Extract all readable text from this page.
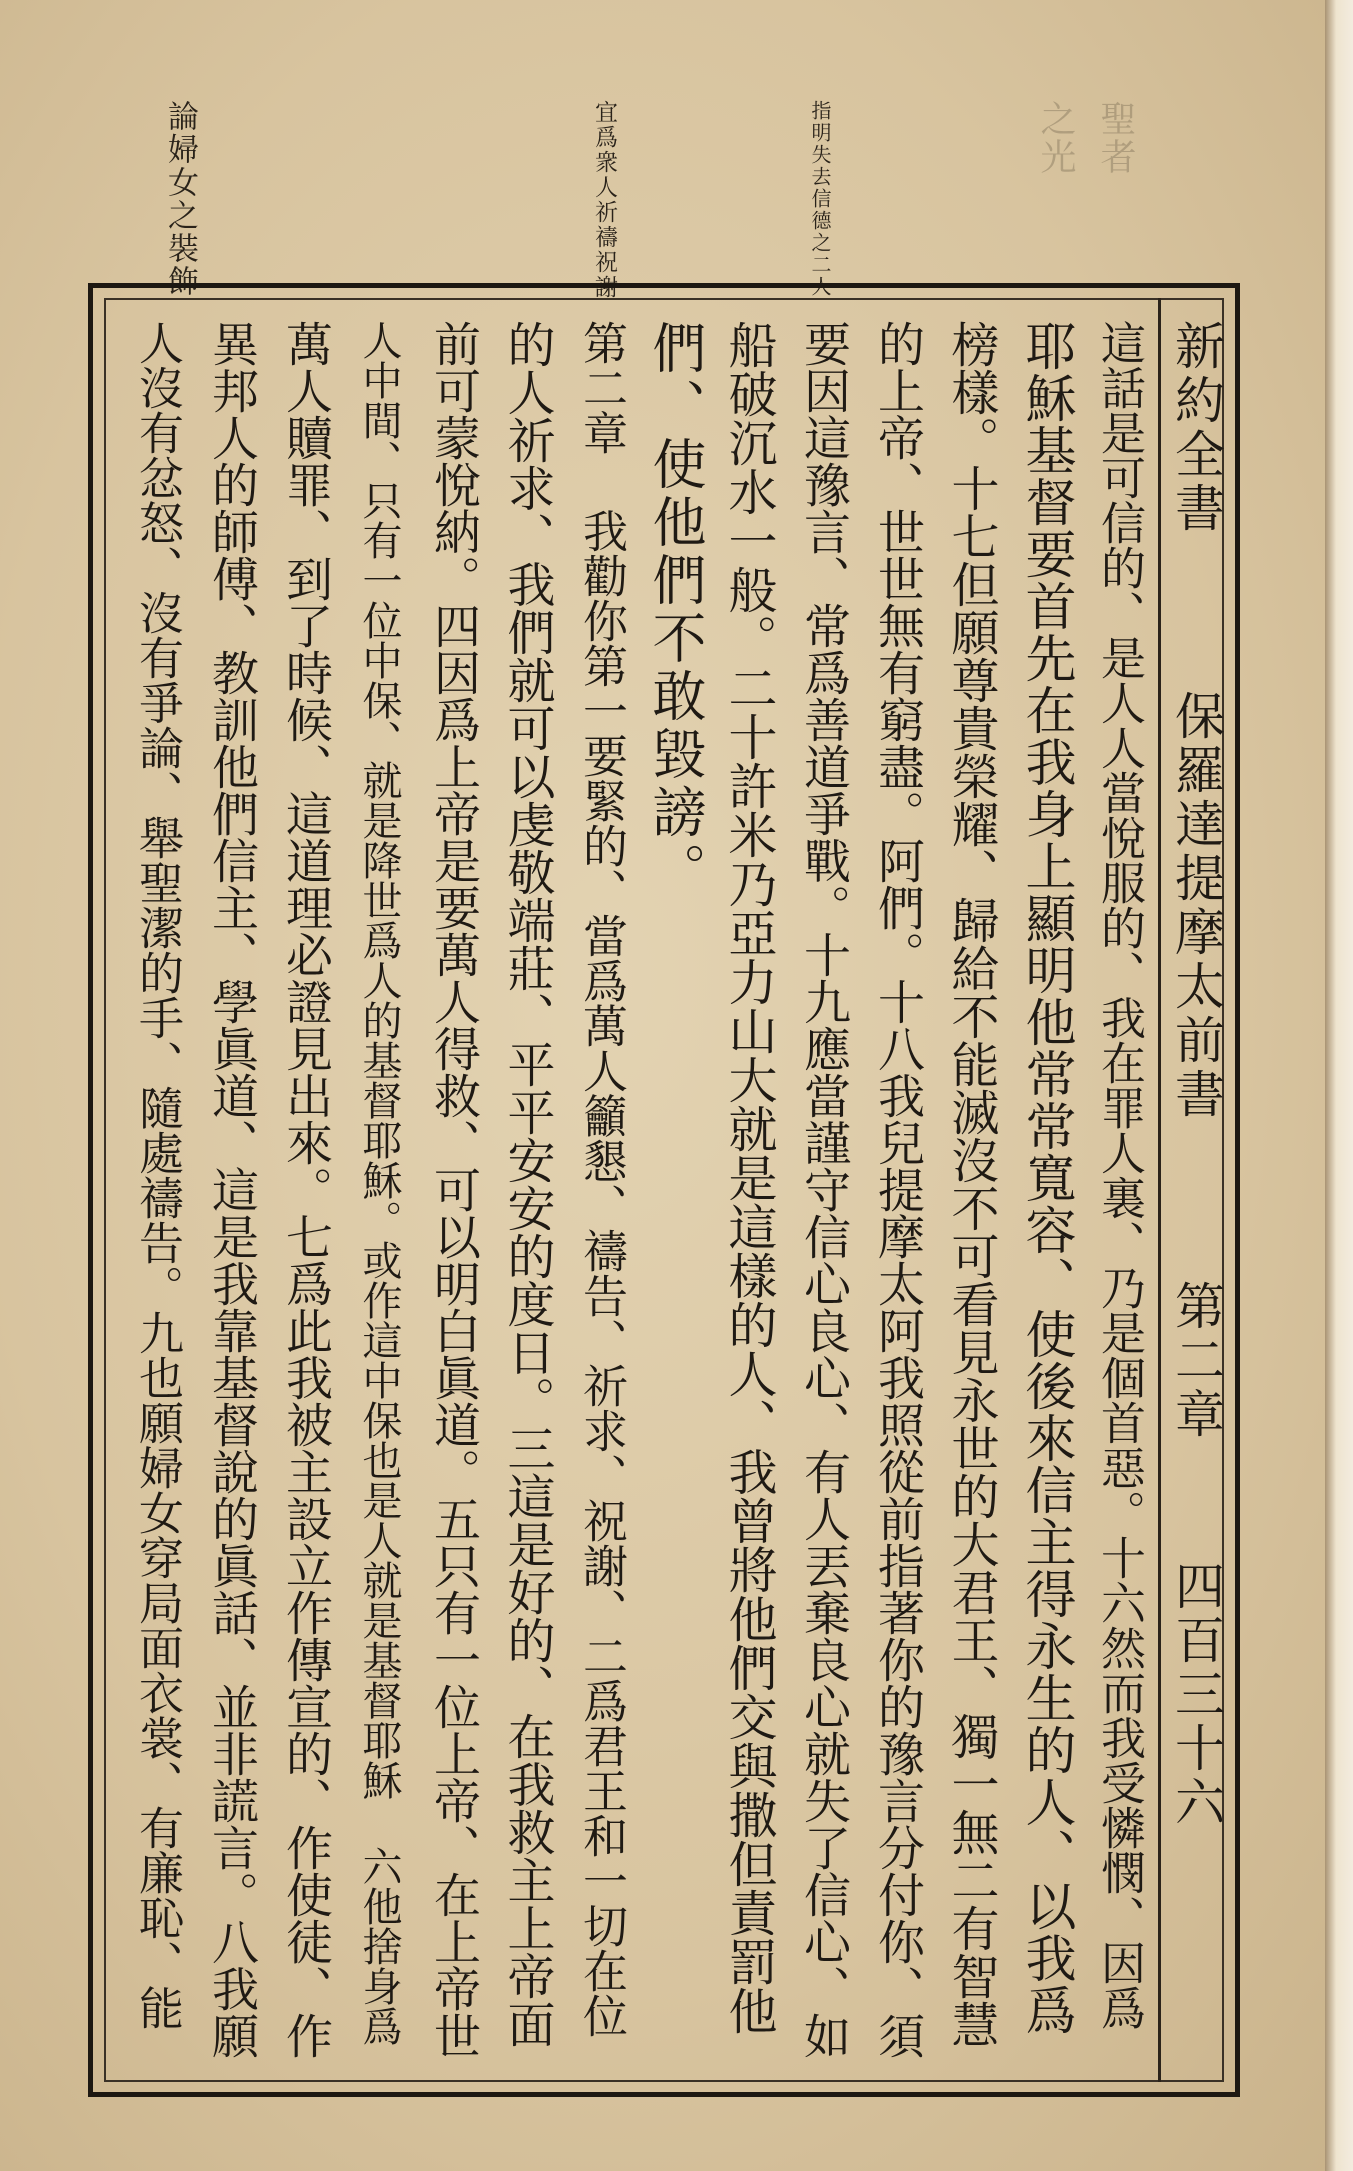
聖者
之光
指明失去信德之二人
宜爲衆人祈禱祝謝
論婦女之裝飾
新約全書
保羅達提摩太前書
第二章
四百三十六
這話是可信的、是人人當悅服的、我在罪人裏、乃是個首惡。十六然而我受憐憫、因爲
耶穌基督要首先在我身上顯明他常常寬容、使後來信主得永生的人、以我爲
榜樣。十七但願尊貴榮耀、歸給不能滅沒不可看見永世的大君王、獨一無二有智慧
的上帝、世世無有窮盡。阿們。十八我兒提摩太阿我照從前指著你的豫言分付你、須
要因這豫言、常爲善道爭戰。十九應當謹守信心良心、有人丟棄良心就失了信心、如
船破沉水一般。二十許米乃亞力山大就是這樣的人、我曾將他們交與撒但責罰他
們、使他們不敢毀謗。
第二章 我勸你第一要緊的、當爲萬人籲懇、禱告、祈求、祝謝、二爲君王和一切在位
的人祈求、我們就可以虔敬端莊、平平安安的度日。三這是好的、在我救主上帝面
前可蒙悅納。四因爲上帝是要萬人得救、可以明白眞道。五只有一位上帝、在上帝世
人中間、只有一位中保、就是降世爲人的基督耶穌。或作這中保也是人就是基督耶穌 六他捨身爲
萬人贖罪、到了時候、這道理必證見出來。七爲此我被主設立作傳宣的、作使徒、作
異邦人的師傅、教訓他們信主、學眞道、這是我靠基督說的眞話、並非謊言。八我願
人沒有忿怒、沒有爭論、舉聖潔的手、隨處禱告。九也願婦女穿局面衣裳、有廉恥、能
